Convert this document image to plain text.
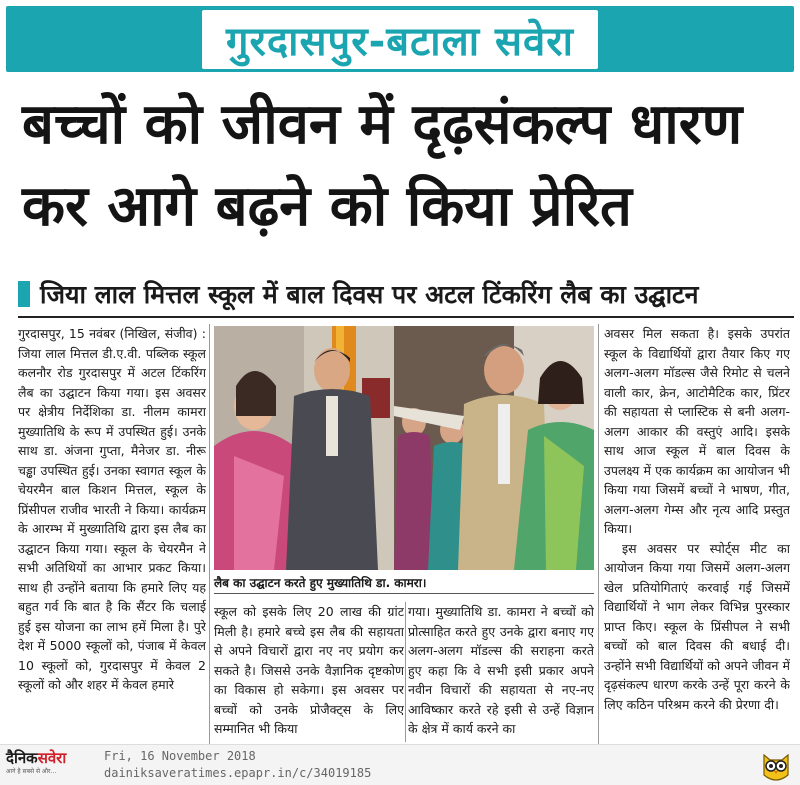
गुरदासपुर-बटाला सवेरा
बच्चों को जीवन में दृढ़संकल्प धारण कर आगे बढ़ने को किया प्रेरित
जिया लाल मित्तल स्कूल में बाल दिवस पर अटल टिंकरिंग लैब का उद्घाटन

गुरदासपुर, 15 नवंबर (निखिल, संजीव) : जिया लाल मित्तल डी.ए.वी. पब्लिक स्कूल कलनौर रोड गुरदासपुर में अटल टिंकरिंग लैब का उद्घाटन किया गया। इस अवसर पर क्षेत्रीय निर्देशिका डा. नीलम कामरा मुख्यातिथि के रूप में उपस्थित हुई। उनके साथ डा. अंजना गुप्ता, मैनेजर डा. नीरू चड्ढा उपस्थित हुई। उनका स्वागत स्कूल के चेयरमैन बाल किशन मित्तल, स्कूल के प्रिंसीपल राजीव भारती ने किया। कार्यक्रम के आरम्भ में मुख्यातिथि द्वारा इस लैब का उद्घाटन किया गया। स्कूल के चेयरमैन ने सभी अतिथियों का आभार प्रकट किया। साथ ही उन्होंने बताया कि हमारे लिए यह बहुत गर्व कि बात है कि सैंटर कि चलाई हुई इस योजना का लाभ हमें मिला है। पुरे देश में 5000 स्कूलों को, पंजाब में केवल 10 स्कूलों को, गुरदासपुर में केवल 2 स्कूलों को और शहर में केवल हमारे

लैब का उद्घाटन करते हुए मुख्यातिथि डा. कामरा।

स्कूल को इसके लिए 20 लाख की ग्रांट मिली है। हमारे बच्चे इस लैब की सहायता से अपने विचारों द्वारा नए नए प्रयोग कर सकते है। जिससे उनके वैज्ञानिक दृष्टकोण का विकास हो सकेगा। इस अवसर पर बच्चों को उनके प्रोजैक्ट्स के लिए सम्मानित भी किया

गया। मुख्यातिथि डा. कामरा ने बच्चों को प्रोत्साहित करते हुए उनके द्वारा बनाए गए अलग-अलग मॉडल्स की सराहना करते हुए कहा कि वे सभी इसी प्रकार अपने नवीन विचारों की सहायता से नए-नए आविष्कार करते रहे इसी से उन्हें विज्ञान के क्षेत्र में कार्य करने का

अवसर मिल सकता है। इसके उपरांत स्कूल के विद्यार्थियों द्वारा तैयार किए गए अलग-अलग मॉडल्स जैसे रिमोट से चलने वाली कार, क्रेन, आटोमैटिक कार, प्रिंटर की सहायता से प्लास्टिक से बनी अलग-अलग आकार की वस्तुएं आदि। इसके साथ आज स्कूल में बाल दिवस के उपलक्ष्य में एक कार्यक्रम का आयोजन भी किया गया जिसमें बच्चों ने भाषण, गीत, अलग-अलग गेम्स और नृत्य आदि प्रस्तुत किया।

इस अवसर पर स्पोर्ट्स मीट का आयोजन किया गया जिसमें अलग-अलग खेल प्रतियोगिताएं करवाई गई जिसमें विद्यार्थियों ने भाग लेकर विभिन्न पुरस्कार प्राप्त किए। स्कूल के प्रिंसीपल ने सभी बच्चों को बाल दिवस की बधाई दी। उन्होंने सभी विद्यार्थियों को अपने जीवन में दृढ़संकल्प धारण करके उन्हें पूरा करने के लिए कठिन परिश्रम करने की प्रेरणा दी।

दैनिकसवेरा
आगे है सबसे से और...
Fri, 16 November 2018
dainiksaveratimes.epapr.in/c/34019185
